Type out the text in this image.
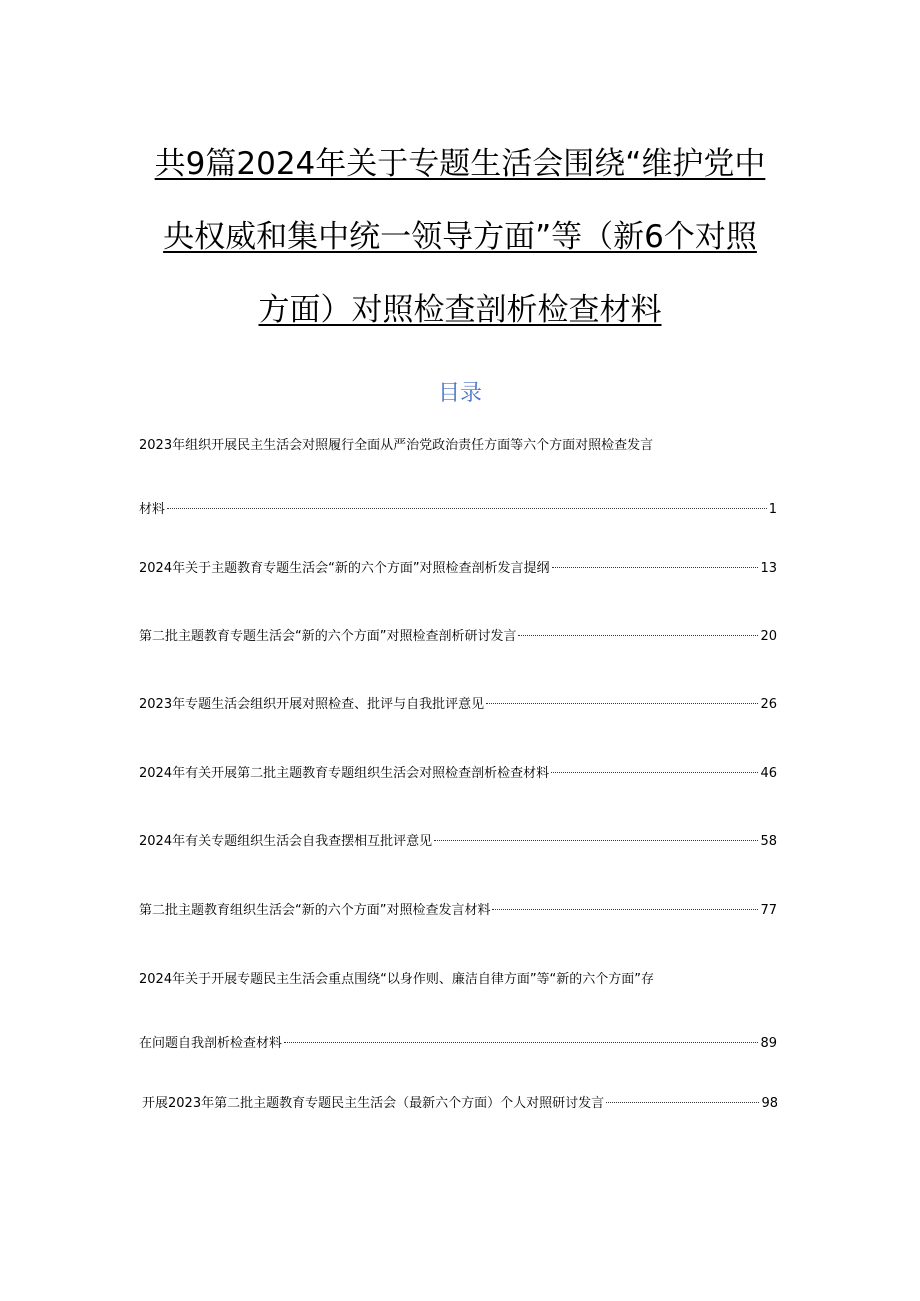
共9篇2024年关于专题生活会围绕“维护党中
央权威和集中统一领导方面”等（新6个对照
方面）对照检查剖析检查材料
目录
2023年组织开展民主生活会对照履行全面从严治党政治责任方面等六个方面对照检查发言
材料	1
2024年关于主题教育专题生活会“新的六个方面”对照检查剖析发言提纲	13
第二批主题教育专题生活会“新的六个方面”对照检查剖析研讨发言	20
2023年专题生活会组织开展对照检查、批评与自我批评意见	26
2024年有关开展第二批主题教育专题组织生活会对照检查剖析检查材料	46
2024年有关专题组织生活会自我查摆相互批评意见	58
第二批主题教育组织生活会“新的六个方面”对照检查发言材料	77
2024年关于开展专题民主生活会重点围绕“以身作则、廉洁自律方面”等“新的六个方面”存
在问题自我剖析检查材料	89
开展2023年第二批主题教育专题民主生活会（最新六个方面）个人对照研讨发言	98
